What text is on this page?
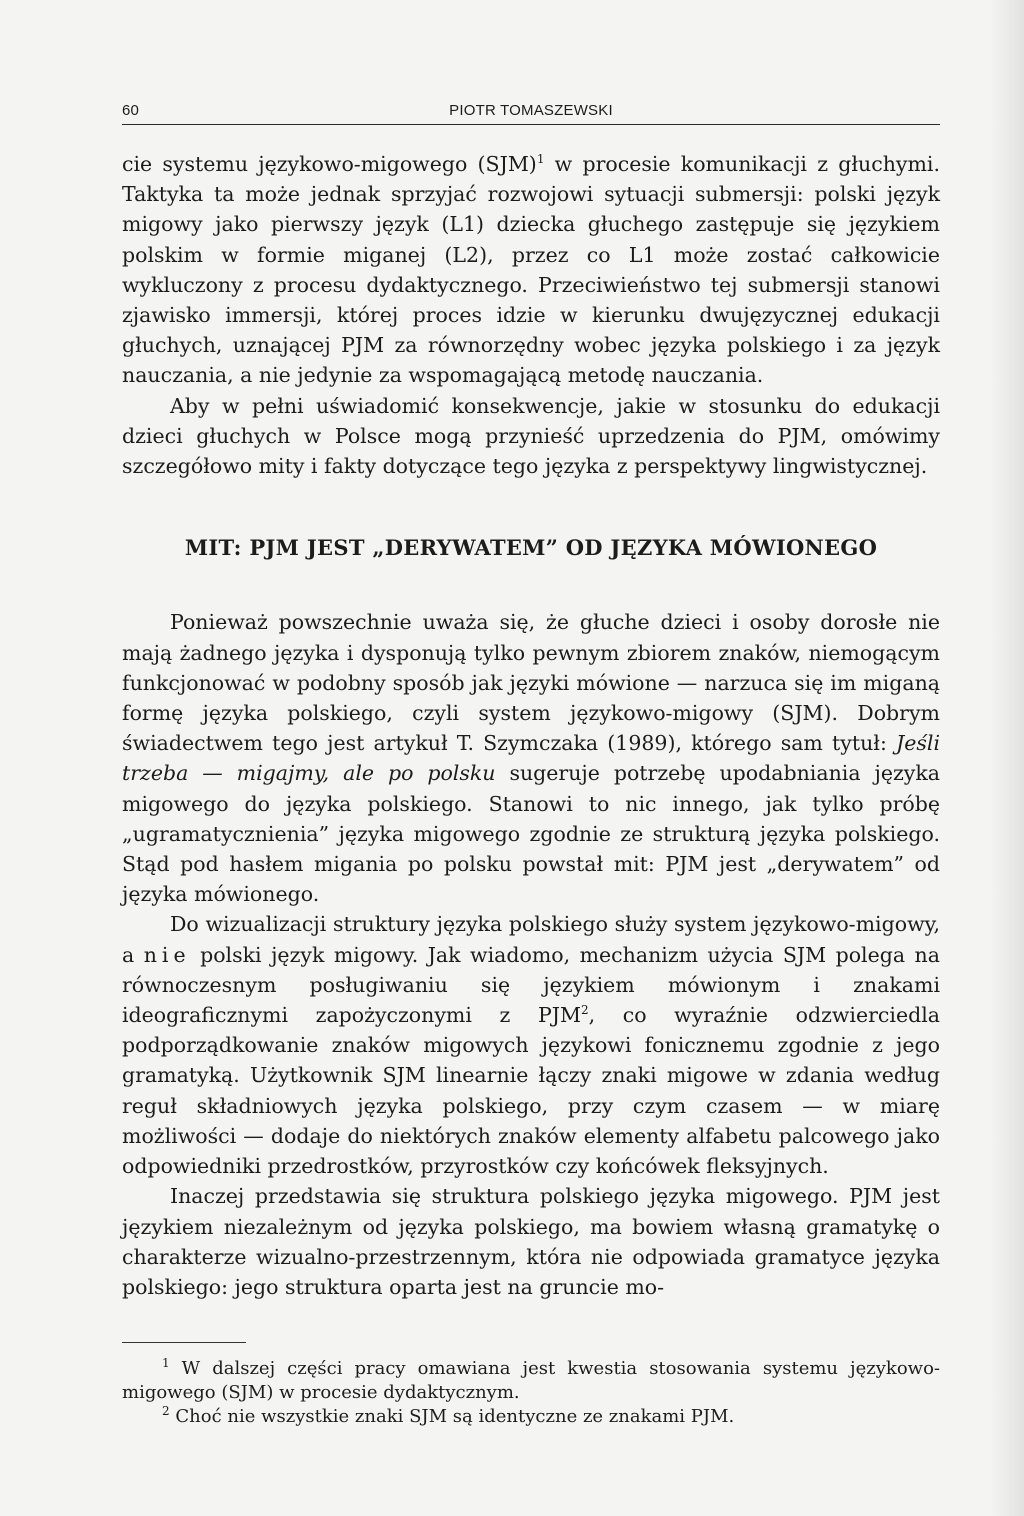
60	PIOTR TOMASZEWSKI

cie systemu językowo-migowego (SJM)$^1$ w procesie komunikacji z głuchymi. Taktyka ta może jednak sprzyjać rozwojowi sytuacji submersji: polski język migowy jako pierwszy język (L1) dziecka głuchego zastępuje się językiem polskim w formie miganej (L2), przez co L1 może zostać całkowicie wykluczony z procesu dydaktycznego. Przeciwieństwo tej submersji stanowi zjawisko immersji, której proces idzie w kierunku dwujęzycznej edukacji głuchych, uznającej PJM za równorzędny wobec języka polskiego i za język nauczania, a nie jedynie za wspomagającą metodę nauczania.

Aby w pełni uświadomić konsekwencje, jakie w stosunku do edukacji dzieci głuchych w Polsce mogą przynieść uprzedzenia do PJM, omówimy szczegółowo mity i fakty dotyczące tego języka z perspektywy lingwistycznej.

MIT: PJM JEST „DERYWATEM” OD JĘZYKA MÓWIONEGO

Ponieważ powszechnie uważa się, że głuche dzieci i osoby dorosłe nie mają żadnego języka i dysponują tylko pewnym zbiorem znaków, niemogącym funkcjonować w podobny sposób jak języki mówione — narzuca się im miganą formę języka polskiego, czyli system językowo-migowy (SJM). Dobrym świadectwem tego jest artykuł T. Szymczaka (1989), którego sam tytuł: Jeśli trzeba — migajmy, ale po polsku sugeruje potrzebę upodabniania języka migowego do języka polskiego. Stanowi to nic innego, jak tylko próbę „ugramatycznienia” języka migowego zgodnie ze strukturą języka polskiego. Stąd pod hasłem migania po polsku powstał mit: PJM jest „derywatem” od języka mówionego.

Do wizualizacji struktury języka polskiego służy system językowo-migowy, a nie polski język migowy. Jak wiadomo, mechanizm użycia SJM polega na równoczesnym posługiwaniu się językiem mówionym i znakami ideograficznymi zapożyczonymi z PJM$^2$, co wyraźnie odzwierciedla podporządkowanie znaków migowych językowi fonicznemu zgodnie z jego gramatyką. Użytkownik SJM linearnie łączy znaki migowe w zdania według reguł składniowych języka polskiego, przy czym czasem — w miarę możliwości — dodaje do niektórych znaków elementy alfabetu palcowego jako odpowiedniki przedrostków, przyrostków czy końcówek fleksyjnych.

Inaczej przedstawia się struktura polskiego języka migowego. PJM jest językiem niezależnym od języka polskiego, ma bowiem własną gramatykę o charakterze wizualno-przestrzennym, która nie odpowiada gramatyce języka polskiego: jego struktura oparta jest na gruncie mo-

$^1$ W dalszej części pracy omawiana jest kwestia stosowania systemu językowo-migowego (SJM) w procesie dydaktycznym.

$^2$ Choć nie wszystkie znaki SJM są identyczne ze znakami PJM.
